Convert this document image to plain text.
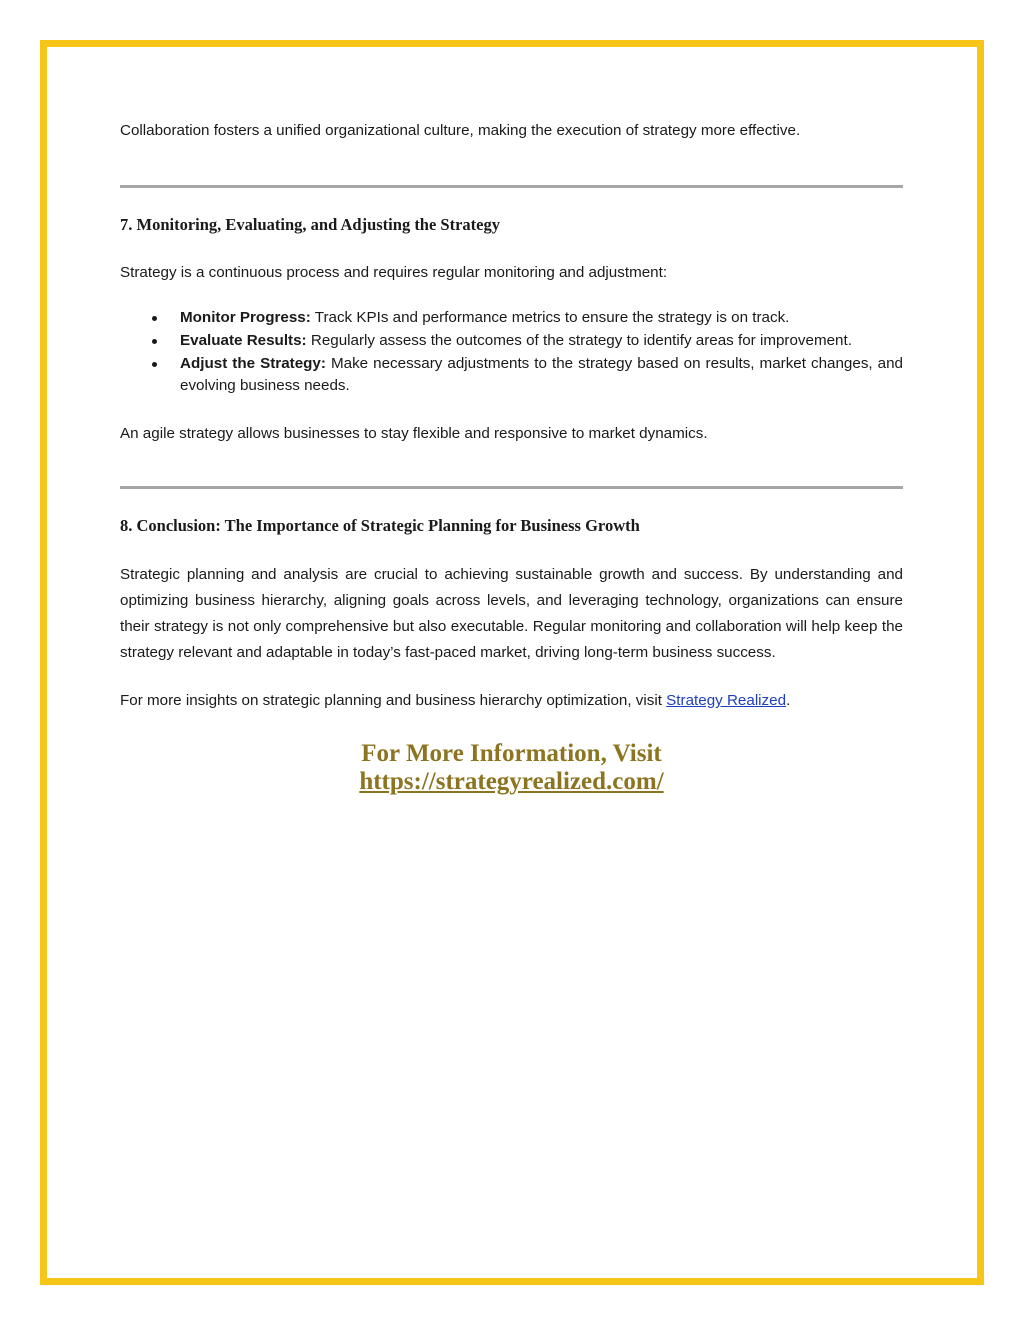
Collaboration fosters a unified organizational culture, making the execution of strategy more effective.

7. Monitoring, Evaluating, and Adjusting the Strategy

Strategy is a continuous process and requires regular monitoring and adjustment:

Monitor Progress: Track KPIs and performance metrics to ensure the strategy is on track.
Evaluate Results: Regularly assess the outcomes of the strategy to identify areas for improvement.
Adjust the Strategy: Make necessary adjustments to the strategy based on results, market changes, and evolving business needs.

An agile strategy allows businesses to stay flexible and responsive to market dynamics.

8. Conclusion: The Importance of Strategic Planning for Business Growth

Strategic planning and analysis are crucial to achieving sustainable growth and success. By understanding and optimizing business hierarchy, aligning goals across levels, and leveraging technology, organizations can ensure their strategy is not only comprehensive but also executable. Regular monitoring and collaboration will help keep the strategy relevant and adaptable in today’s fast-paced market, driving long-term business success.

For more insights on strategic planning and business hierarchy optimization, visit Strategy Realized.

For More Information, Visit
https://strategyrealized.com/
